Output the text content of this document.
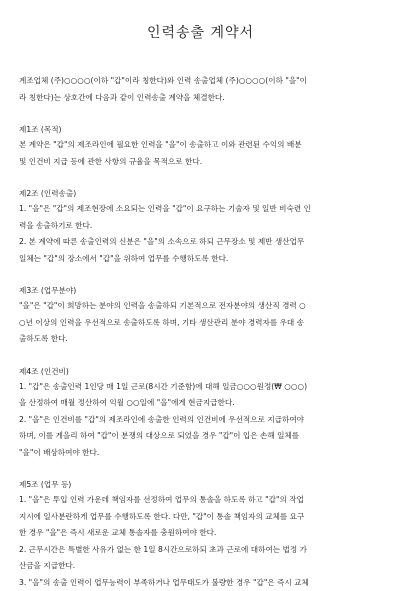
인력송출 계약서

계조업체 (주)○○○○(이하 "갑"이라 칭한다)와 인력 송출업체 (주)○○○○(이하 "을"이
라 칭한다)는 상호간에 다음과 같이 인력송출 계약을 체결한다.

제1조 (목적)

본 계약은 "갑"의 제조라인에 필요한 인력을 "을"이 송출하고 이와 관련된 수익의 배분
및 인건비 지급 등에 관한 사항의 규율을 목적으로 한다.

제2조 (인력송출)

1. "을"은 "갑"의 제조현장에 소요되는 인력을 "갑"이 요구하는 기술자 및 일반 비숙련 인
력을 송출하기로 한다.
2. 본 계약에 따른 송출인력의 신분은 "을"의 소속으로 하되 근무장소 및 제반 생산업무
일체는 "갑"의 장소에서 "갑"을 위하여 업무를 수행하도록 한다.

제3조 (업무분야)

"을"은 "갑"이 희망하는 분야의 인력을 송출하되 기본적으로 전자분야의 생산직 경력 ○
○년 이상의 인력을 우선적으로 송출하도록 하며, 기타 생산관리 분야 경력자를 우대 송
출하도록 한다.

제4조 (인건비)

1. "갑"은 송출인력 1인당 매 1일 근로(8시간 기준함)에 대해 일금○○○원정(₩ ○○○)
을 산정하여 매월 정산하여 익월 ○○일에 "을"에게 현금지급한다.
2. "을"은 인건비를 "갑"의 제조라인에 송출한 인력의 인건비에 우선적으로 지급하여야
하며, 이를 게을리 하여 "갑"이 분쟁의 대상으로 되었을 경우 "갑"이 입은 손해 일체를
"을"이 배상하여야 한다.

제5조 (업무 등)

1. "을"은 투입 인력 가운데 책임자를 선정하여 업무의 통솔을 하도록 하고 "갑"의 작업
지시에 일사분란하게 업무를 수행하도록 한다. 다만, "갑"이 통솔 책임자의 교체를 요구
한 경우 "을"은 즉시 새로운 교체 통솔자를 충원하여야 한다.
2. 근무시간은 특별한 사유가 없는 한 1일 8시간으로하되 초과 근로에 대하여는 법정 가
산금을 지급한다.
3. "을"의 송출 인력이 업무능력이 부족하거나 업무태도가 불량한 경우 "갑"은 즉시 교체
